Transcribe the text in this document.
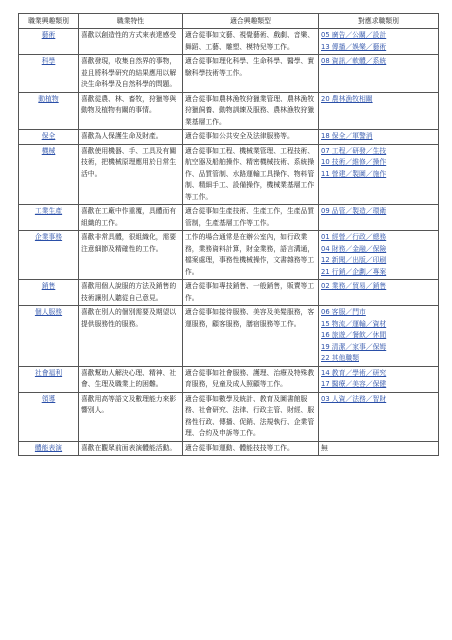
職業興趣類別	職業特性	適合興趣類型	對應求職類別
藝術	喜歡以創造性的方式來表達感受	適合從事如文藝、視覺藝術、戲劇、音樂、舞蹈、工藝、雕塑、模特兒等工作。	05 廣告／公關／設計
13 傳播／娛樂／藝術

科學	喜歡發現，收集自然界的事物，並且將科學研究的結果應用以解決生命科學及自然科學的問題。	適合從事如理化科學、生命科學、醫學、實驗科學技術等工作。	08 資訊／軟體／系統

動植物	喜歡從農、林、畜牧，狩獵等與動物及植物有關的事情。	適合從事如農林漁牧狩獵業管理、農林漁牧狩獵飼養、動物訓練及服務、農林漁牧狩獵業基層工作。	20 農林漁牧相關

保全	喜歡為人保護生命及財產。	適合從事如公共安全及法律服務等。	18 保全／軍警消

機械	喜歡使用機器、手、工具及有關技術，把機械原理應用於日常生活中。	適合從事如工程、機械業管理、工程技術、航空器及船舶操作、精密機械技術、系統操作、品質管制、水路運輸工具操作、物料管制、精細手工、設備操作，機械業基層工作等工作。	07 工程／研發／生技
10 技術／維修／操作
11 營建／製圖／施作

工業生產	喜歡在工廠中作重覆，具體而有組織的工作。	適合從事如生產技術、生產工作，生產品質管制，生產基層工作等工作。	09 品管／製造／環衛

企業事務	喜歡非常具體，很組織化，需要注意細節及精確性的工作。	工作的場合通常是在辦公室內，如行政業務，業務資料計算，財金業務，語言溝通，檔案處理，事務性機械操作，文書雜務等工作。	01 經營／行政／總務
04 財務／金融／保險
12 新聞／出版／印刷
21 行銷／企劃／專案

銷售	喜歡用個人說服的方法及銷售的技術讓別人聽從自己意見。	適合從事如專技銷售、一般銷售，販賣等工作。	02 業務／貿易／銷售

個人服務	喜歡在別人的個別需要及期望以提供服務性的服務。	適合從事如接待服務、美容及美髮服務，客運服務，顧客服務，膳宿服務等工作。	06 客服／門市
15 物流／運輸／資材
16 旅遊／餐飲／休閒
19 清潔／家事／保姆
22 其他職類

社會福利	喜歡幫助人解決心理、精神、社會、生理及職業上的困難。	適合從事如社會服務、護理、治療及特殊教育服務，兒童及成人照顧等工作。	14 教育／學術／研究
17 醫療／美容／保健

領導	喜歡用高等語文及數理能力來影響別人。	適合從事如數學及統計、教育及圖書館服務、社會研究、法律、行政主管、財經、服務性行政、傳播、促銷、法規執行、企業管理、合約及申訴等工作。	03 人資／法務／智財

體能表演	喜歡在觀眾前面表演體能活動。	適合從事如運動、體能技技等工作。	無
